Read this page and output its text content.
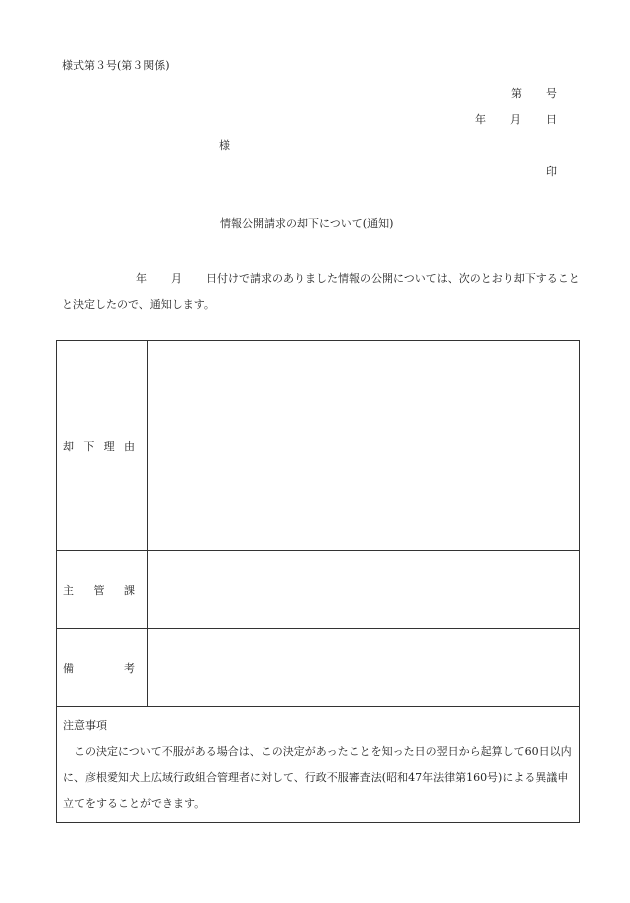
様式第３号(第３関係)
第 号
年 月 日
様
印
情報公開請求の却下について(通知)
年 月 日付けで請求のありました情報の公開については、次のとおり却下することと決定したので、通知します。
却 下 理 由	

主 管 課	

備 考	

注意事項
この決定について不服がある場合は、この決定があったことを知った日の翌日から起算して60日以内に、彦根愛知犬上広域行政組合管理者に対して、行政不服審査法(昭和47年法律第160号)による異議申立てをすることができます。	
